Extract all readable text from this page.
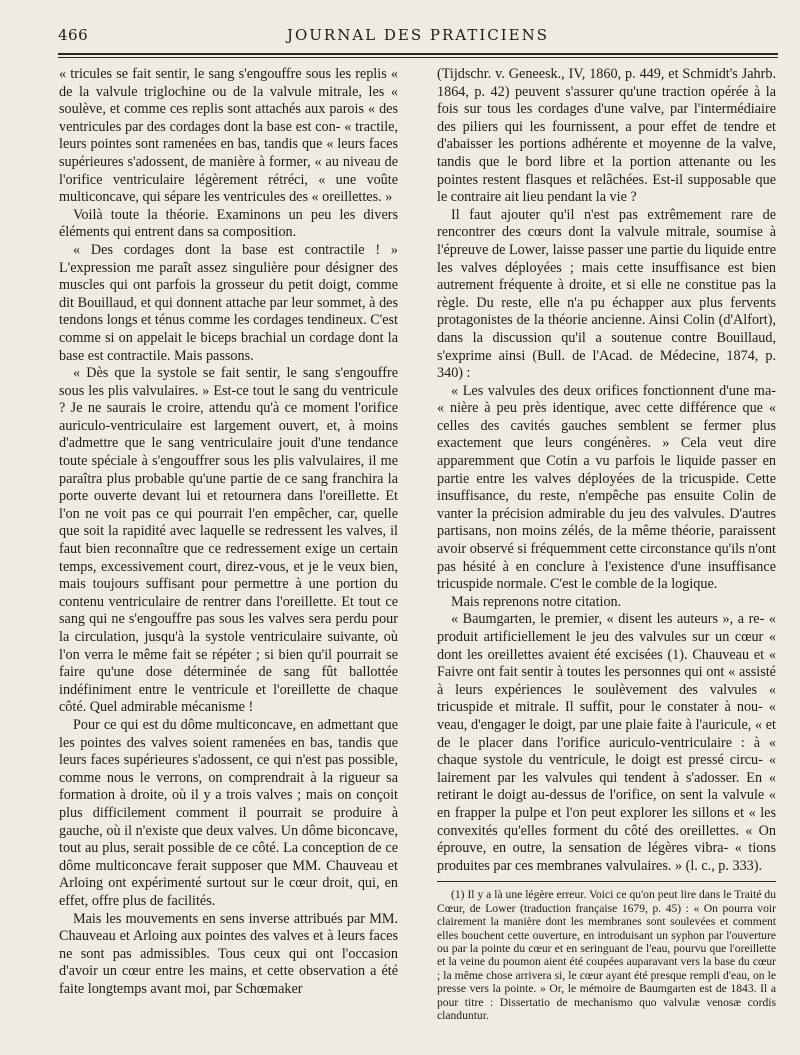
466	JOURNAL DES PRATICIENS

« tricules se fait sentir, le sang s'engouffre sous les replis « de la valvule triglochine ou de la valvule mitrale, les « soulève, et comme ces replis sont attachés aux parois « des ventricules par des cordages dont la base est con- « tractile, leurs pointes sont ramenées en bas, tandis que « leurs faces supérieures s'adossent, de manière à former, « au niveau de l'orifice ventriculaire légèrement rétréci, « une voûte multiconcave, qui sépare les ventricules des « oreillettes. »

Voilà toute la théorie. Examinons un peu les divers éléments qui entrent dans sa composition.

« Des cordages dont la base est contractile ! » L'expression me paraît assez singulière pour désigner des muscles qui ont parfois la grosseur du petit doigt, comme dit Bouillaud, et qui donnent attache par leur sommet, à des tendons longs et ténus comme les cordages tendineux. C'est comme si on appelait le biceps brachial un cordage dont la base est contractile. Mais passons.

« Dès que la systole se fait sentir, le sang s'engouffre sous les plis valvulaires. » Est-ce tout le sang du ventricule ? Je ne saurais le croire, attendu qu'à ce moment l'orifice auriculo-ventriculaire est largement ouvert, et, à moins d'admettre que le sang ventriculaire jouit d'une tendance toute spéciale à s'engouffrer sous les plis valvulaires, il me paraîtra plus probable qu'une partie de ce sang franchira la porte ouverte devant lui et retournera dans l'oreillette. Et l'on ne voit pas ce qui pourrait l'en empêcher, car, quelle que soit la rapidité avec laquelle se redressent les valves, il faut bien reconnaître que ce redressement exige un certain temps, excessivement court, direz-vous, et je le veux bien, mais toujours suffisant pour permettre à une portion du contenu ventriculaire de rentrer dans l'oreillette. Et tout ce sang qui ne s'engouffre pas sous les valves sera perdu pour la circulation, jusqu'à la systole ventriculaire suivante, où l'on verra le même fait se répéter ; si bien qu'il pourrait se faire qu'une dose déterminée de sang fût ballottée indéfiniment entre le ventricule et l'oreillette de chaque côté. Quel admirable mécanisme !

Pour ce qui est du dôme multiconcave, en admettant que les pointes des valves soient ramenées en bas, tandis que leurs faces supérieures s'adossent, ce qui n'est pas possible, comme nous le verrons, on comprendrait à la rigueur sa formation à droite, où il y a trois valves ; mais on conçoit plus difficilement comment il pourrait se produire à gauche, où il n'existe que deux valves. Un dôme biconcave, tout au plus, serait possible de ce côté. La conception de ce dôme multiconcave ferait supposer que MM. Chauveau et Arloing ont expérimenté surtout sur le cœur droit, qui, en effet, offre plus de facilités.

Mais les mouvements en sens inverse attribués par MM. Chauveau et Arloing aux pointes des valves et à leurs faces ne sont pas admissibles. Tous ceux qui ont l'occasion d'avoir un cœur entre les mains, et cette observation a été faite longtemps avant moi, par Schœmaker

(Tijdschr. v. Geneesk., IV, 1860, p. 449, et Schmidt's Jahrb. 1864, p. 42) peuvent s'assurer qu'une traction opérée à la fois sur tous les cordages d'une valve, par l'intermédiaire des piliers qui les fournissent, a pour effet de tendre et d'abaisser les portions adhérente et moyenne de la valve, tandis que le bord libre et la portion attenante ou les pointes restent flasques et relâchées. Est-il supposable que le contraire ait lieu pendant la vie ?

Il faut ajouter qu'il n'est pas extrêmement rare de rencontrer des cœurs dont la valvule mitrale, soumise à l'épreuve de Lower, laisse passer une partie du liquide entre les valves déployées ; mais cette insuffisance est bien autrement fréquente à droite, et si elle ne constitue pas la règle. Du reste, elle n'a pu échapper aux plus fervents protagonistes de la théorie ancienne. Ainsi Colin (d'Alfort), dans la discussion qu'il a soutenue contre Bouillaud, s'exprime ainsi (Bull. de l'Acad. de Médecine, 1874, p. 340) :

« Les valvules des deux orifices fonctionnent d'une ma- « nière à peu près identique, avec cette différence que « celles des cavités gauches semblent se fermer plus exactement que leurs congénères. » Cela veut dire apparemment que Cotin a vu parfois le liquide passer en partie entre les valves déployées de la tricuspide. Cette insuffisance, du reste, n'empêche pas ensuite Colin de vanter la précision admirable du jeu des valvules. D'autres partisans, non moins zélés, de la même théorie, paraissent avoir observé si fréquemment cette circonstance qu'ils n'ont pas hésité à en conclure à l'existence d'une insuffisance tricuspide normale. C'est le comble de la logique.

Mais reprenons notre citation.

« Baumgarten, le premier, « disent les auteurs », a re- « produit artificiellement le jeu des valvules sur un cœur « dont les oreillettes avaient été excisées (1). Chauveau et « Faivre ont fait sentir à toutes les personnes qui ont « assisté à leurs expériences le soulèvement des valvules « tricuspide et mitrale. Il suffit, pour le constater à nou- « veau, d'engager le doigt, par une plaie faite à l'auricule, « et de le placer dans l'orifice auriculo-ventriculaire : à « chaque systole du ventricule, le doigt est pressé circu- « lairement par les valvules qui tendent à s'adosser. En « retirant le doigt au-dessus de l'orifice, on sent la valvule « en frapper la pulpe et l'on peut explorer les sillons et « les convexités qu'elles forment du côté des oreillettes. « On éprouve, en outre, la sensation de légères vibra- « tions produites par ces membranes valvulaires. » (l. c., p. 333).

(1) Il y a là une légère erreur. Voici ce qu'on peut lire dans le Traité du Cœur, de Lower (traduction française 1679, p. 45) : « On pourra voir clairement la manière dont les membranes sont soulevées et comment elles bouchent cette ouverture, en introduisant un syphon par l'ouverture ou par la pointe du cœur et en seringuant de l'eau, pourvu que l'oreillette et la veine du poumon aient été coupées auparavant vers la base du cœur ; la même chose arrivera si, le cœur ayant été presque rempli d'eau, on le presse vers la pointe. » Or, le mémoire de Baumgarten est de 1843. Il a pour titre : Dissertatio de mechanismo quo valvulæ venosæ cordis clanduntur.
